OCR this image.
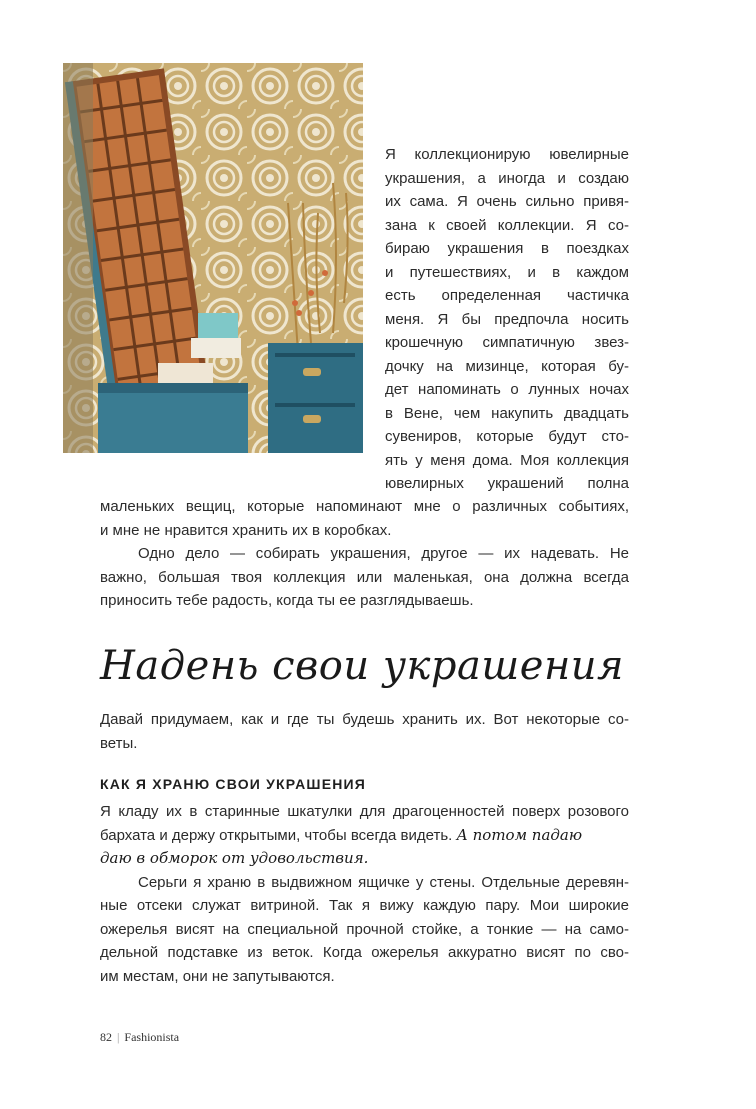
Я коллекционирую ювелирные
украшения, а иногда и создаю
их сама. Я очень сильно привя-
зана к своей коллекции. Я со-
бираю украшения в поездках
и путешествиях, и в каждом
есть определенная частичка
меня. Я бы предпочла носить
крошечную симпатичную звез-
дочку на мизинце, которая бу-
дет напоминать о лунных ночах
в Вене, чем накупить двадцать
сувениров, которые будут сто-
ять у меня дома. Моя коллекция
ювелирных украшений полна
маленьких вещиц, которые напоминают мне о различных событиях,
и мне не нравится хранить их в коробках.
Одно дело — собирать украшения, другое — их надевать. Не
важно, большая твоя коллекция или маленькая, она должна всегда
приносить тебе радость, когда ты ее разглядываешь.
Надень свои украшения
Давай придумаем, как и где ты будешь хранить их. Вот некоторые со-
веты.
КАК Я ХРАНЮ СВОИ УКРАШЕНИЯ
Я кладу их в старинные шкатулки для драгоценностей поверх розового
бархата и держу открытыми, чтобы всегда видеть. А потом падаю
даю в обморок от удовольствия.
Серьги я храню в выдвижном ящичке у стены. Отдельные деревян-
ные отсеки служат витриной. Так я вижу каждую пару. Мои широкие
ожерелья висят на специальной прочной стойке, а тонкие — на само-
дельной подставке из веток. Когда ожерелья аккуратно висят по сво-
им местам, они не запутываются.
82 | Fashionista
